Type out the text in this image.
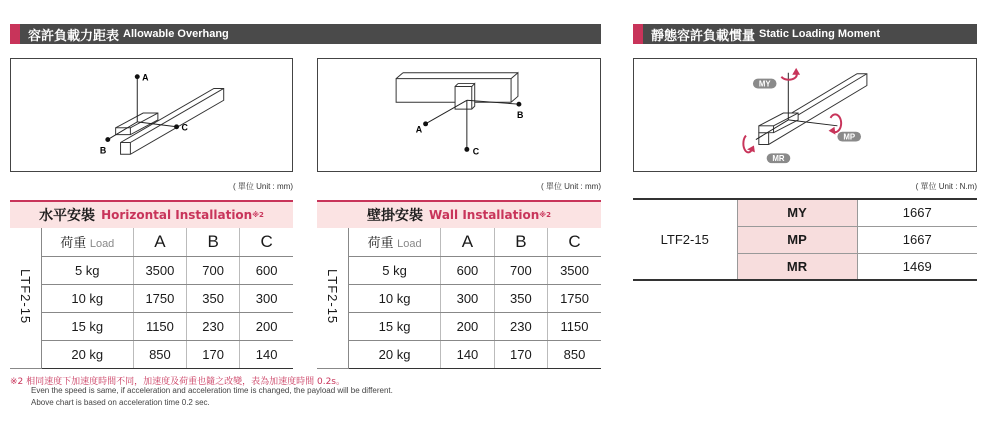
容許負載力距表 Allowable Overhang	靜態容許負載慣量 Static Loading Moment
A
C
B
A
C
B
MY
MP
MR
( 單位 Unit : mm)	( 單位 Unit : mm)	( 單位 Unit : N.m)
水平安裝 Horizontal Installation ※2	壁掛安裝 Wall Installation ※2
LTF2-15	荷重 Load	A	B	C
	5 kg	3500	700	600
	10 kg	1750	350	300
	15 kg	1150	230	200
	20 kg	850	170	140
LTF2-15	荷重 Load	A	B	C
	5 kg	600	700	3500
	10 kg	300	350	1750
	15 kg	200	230	1150
	20 kg	140	170	850
LTF2-15	MY	1667
	MP	1667
	MR	1469
※2 相同速度下加速度時間不同，加速度及荷重也隨之改變，表為加速度時間 0.2s。
Even the speed is same, if acceleration and acceleration time is changed, the payload will be different.
Above chart is based on acceleration time 0.2 sec.
